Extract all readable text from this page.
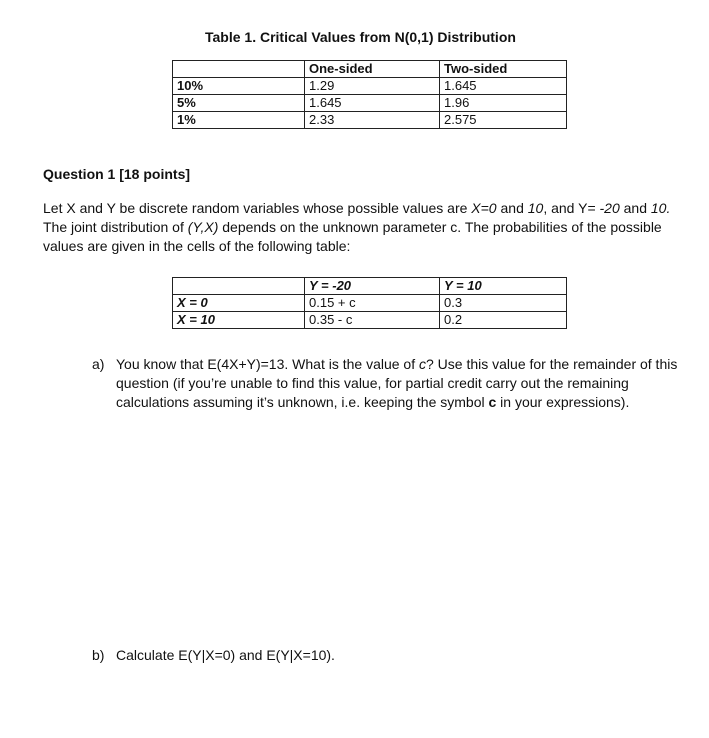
Table 1. Critical Values from N(0,1) Distribution
	One-sided	Two-sided
10%	1.29	1.645
5%	1.645	1.96
1%	2.33	2.575
Question 1 [18 points]
Let X and Y be discrete random variables whose possible values are X=0 and 10, and Y= -20 and 10. The joint distribution of (Y,X) depends on the unknown parameter c. The probabilities of the possible values are given in the cells of the following table:
	Y = -20	Y = 10
X = 0	0.15 + c	0.3
X = 10	0.35 - c	0.2
a) You know that E(4X+Y)=13. What is the value of c? Use this value for the remainder of this question (if you’re unable to find this value, for partial credit carry out the remaining calculations assuming it’s unknown, i.e. keeping the symbol c in your expressions).
b) Calculate E(Y|X=0) and E(Y|X=10).
